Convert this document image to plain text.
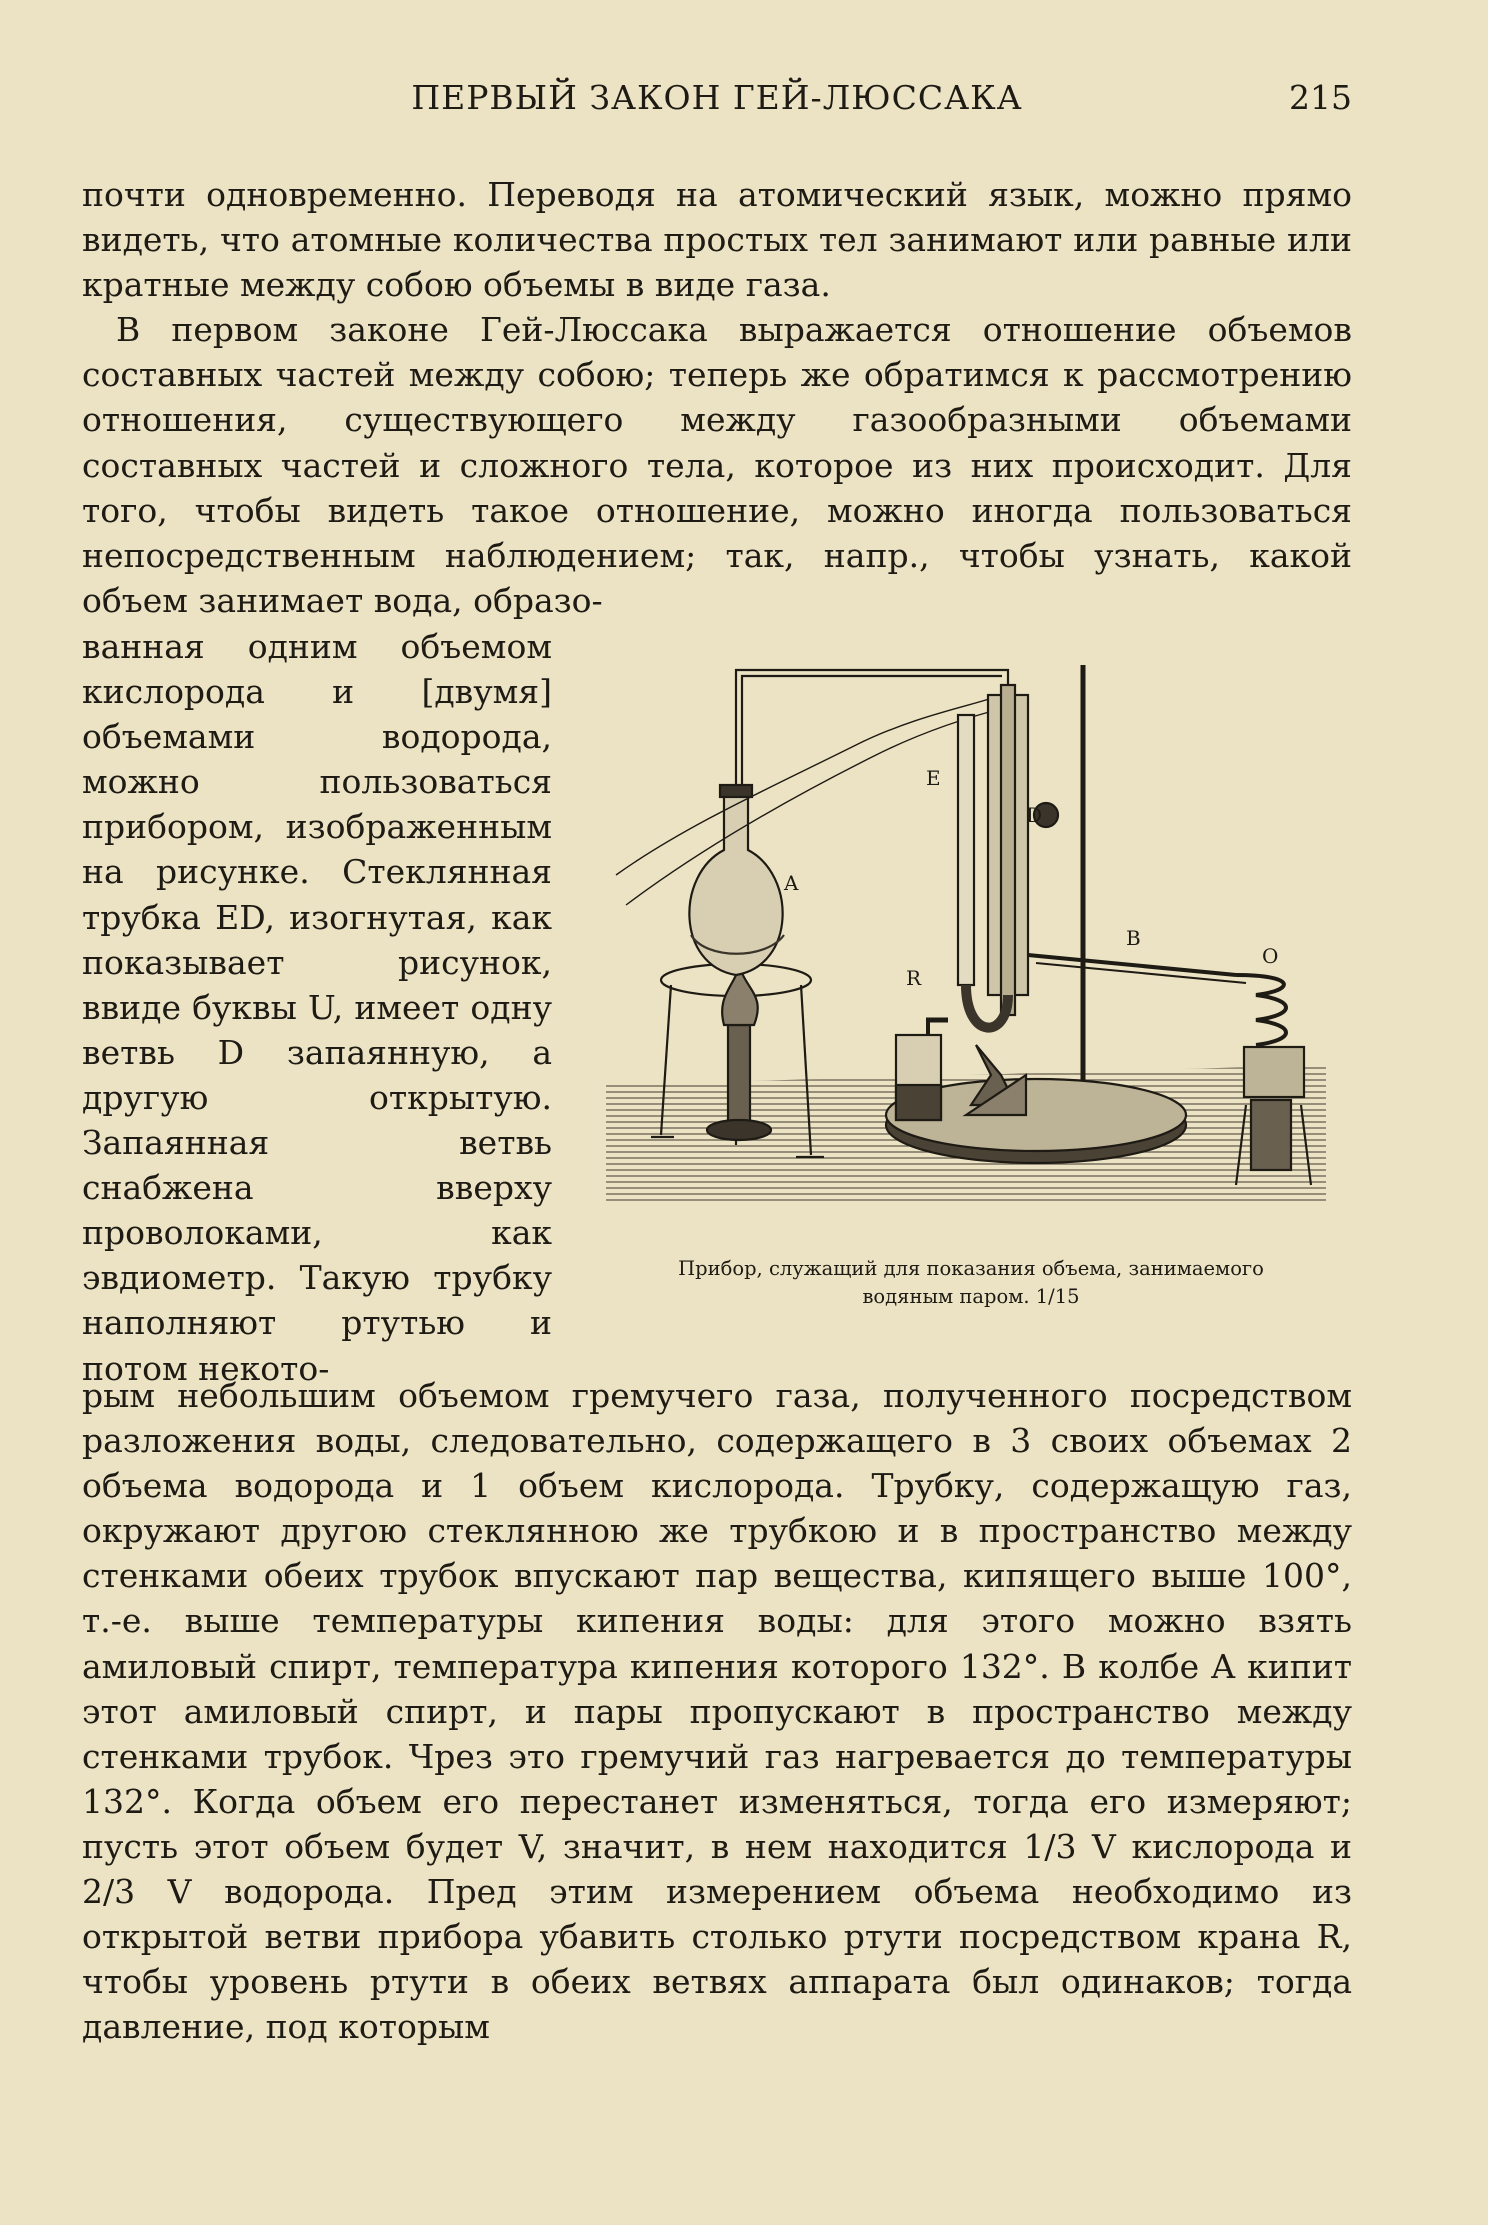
ПЕРВЫЙ ЗАКОН ГЕЙ-ЛЮССАКА	215

почти одновременно. Переводя на атомический язык, можно прямо видеть, что атомные количества простых тел занимают или равные или кратные между собою объемы в виде газа.

В первом законе Гей-Люссака выражается отношение объемов составных частей между собою; теперь же обратимся к рассмотрению отношения, существующего между газообразными объемами составных частей и сложного тела, которое из них происходит. Для того, чтобы видеть такое отношение, можно иногда пользоваться непосредственным наблюдением; так, напр., чтобы узнать, какой объем занимает вода, образо-

ванная одним объемом кислорода и [двумя] объемами водорода, можно пользоваться прибором, изображенным на рисунке. Стеклянная трубка ED, изогнутая, как показывает рисунок, ввиде буквы U, имеет одну ветвь D запаянную, а другую открытую. Запаянная ветвь снабжена вверху проволоками, как эвдиометр. Такую трубку наполняют ртутью и потом некото-
A
E
D
B
R
O
Прибор, служащий для показания объема, занимаемого
водяным паром. 1/15
рым небольшим объемом гремучего газа, полученного посредством разложения воды, следовательно, содержащего в 3 своих объемах 2 объема водорода и 1 объем кислорода. Трубку, содержащую газ, окружают другою стеклянною же трубкою и в пространство между стенками обеих трубок впускают пар вещества, кипящего выше 100°, т.-е. выше температуры кипения воды: для этого можно взять амиловый спирт, температура кипения которого 132°. В колбе A кипит этот амиловый спирт, и пары пропускают в пространство между стенками трубок. Чрез это гремучий газ нагревается до температуры 132°. Когда объем его перестанет изменяться, тогда его измеряют; пусть этот объем будет V, значит, в нем находится 1/3 V кислорода и 2/3 V водорода. Пред этим измерением объема необходимо из открытой ветви прибора убавить столько ртути посредством крана R, чтобы уровень ртути в обеих ветвях аппарата был одинаков; тогда давление, под которым
